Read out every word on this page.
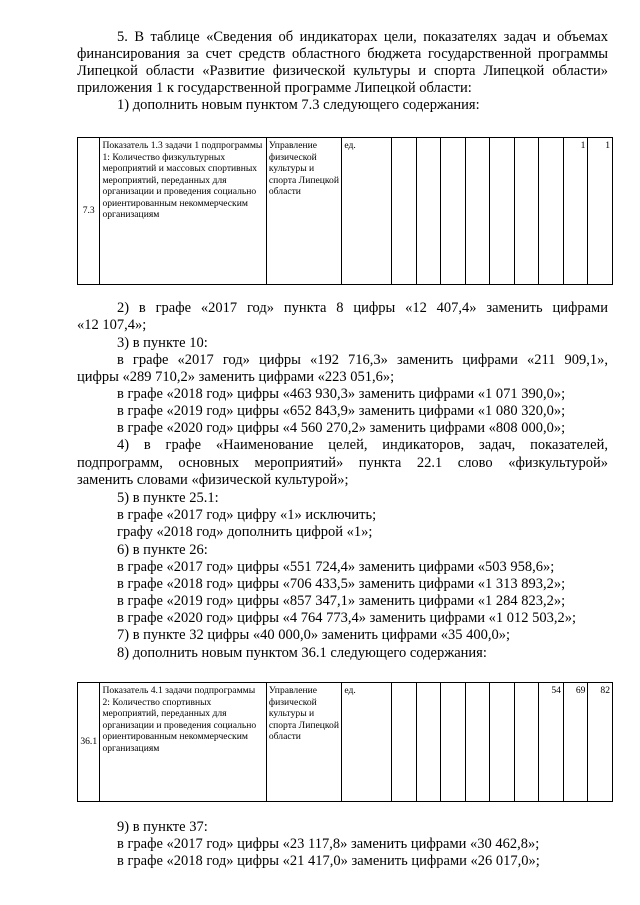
5. В таблице «Сведения об индикаторах цели, показателях задач и объемах
финансирования за счет средств областного бюджета государственной программы
Липецкой области «Развитие физической культуры и спорта Липецкой области»
приложения 1 к государственной программе Липецкой области:
1) дополнить новым пунктом 7.3 следующего содержания:
7.3	Показатель 1.3 задачи 1 подпрограммы 1: Количество физкультурных мероприятий и массовых спортивных мероприятий, переданных для организации и проведения социально ориентированным некоммерческим организациям	Управление физической культуры и спорта Липецкой области	ед.								1	1
2) в графе «2017 год» пункта 8 цифры «12 407,4» заменить цифрами
«12 107,4»;
3) в пункте 10:
в графе «2017 год» цифры «192 716,3» заменить цифрами «211 909,1»,
цифры «289 710,2» заменить цифрами «223 051,6»;
в графе «2018 год» цифры «463 930,3» заменить цифрами «1 071 390,0»;
в графе «2019 год» цифры «652 843,9» заменить цифрами «1 080 320,0»;
в графе «2020 год» цифры «4 560 270,2» заменить цифрами «808 000,0»;
4) в графе «Наименование целей, индикаторов, задач, показателей,
подпрограмм, основных мероприятий» пункта 22.1 слово «физкультурой»
заменить словами «физической культурой»;
5) в пункте 25.1:
в графе «2017 год» цифру «1» исключить;
графу «2018 год» дополнить цифрой «1»;
6) в пункте 26:
в графе «2017 год» цифры «551 724,4» заменить цифрами «503 958,6»;
в графе «2018 год» цифры «706 433,5» заменить цифрами «1 313 893,2»;
в графе «2019 год» цифры «857 347,1» заменить цифрами «1 284 823,2»;
в графе «2020 год» цифры «4 764 773,4» заменить цифрами «1 012 503,2»;
7) в пункте 32 цифры «40 000,0» заменить цифрами «35 400,0»;
8) дополнить новым пунктом 36.1 следующего содержания:
36.1	Показатель 4.1 задачи подпрограммы 2: Количество спортивных мероприятий, переданных для организации и проведения социально ориентированным некоммерческим организациям	Управление физической культуры и спорта Липецкой области	ед.							54	69	82
9) в пункте 37:
в графе «2017 год» цифры «23 117,8» заменить цифрами «30 462,8»;
в графе «2018 год» цифры «21 417,0» заменить цифрами «26 017,0»;
